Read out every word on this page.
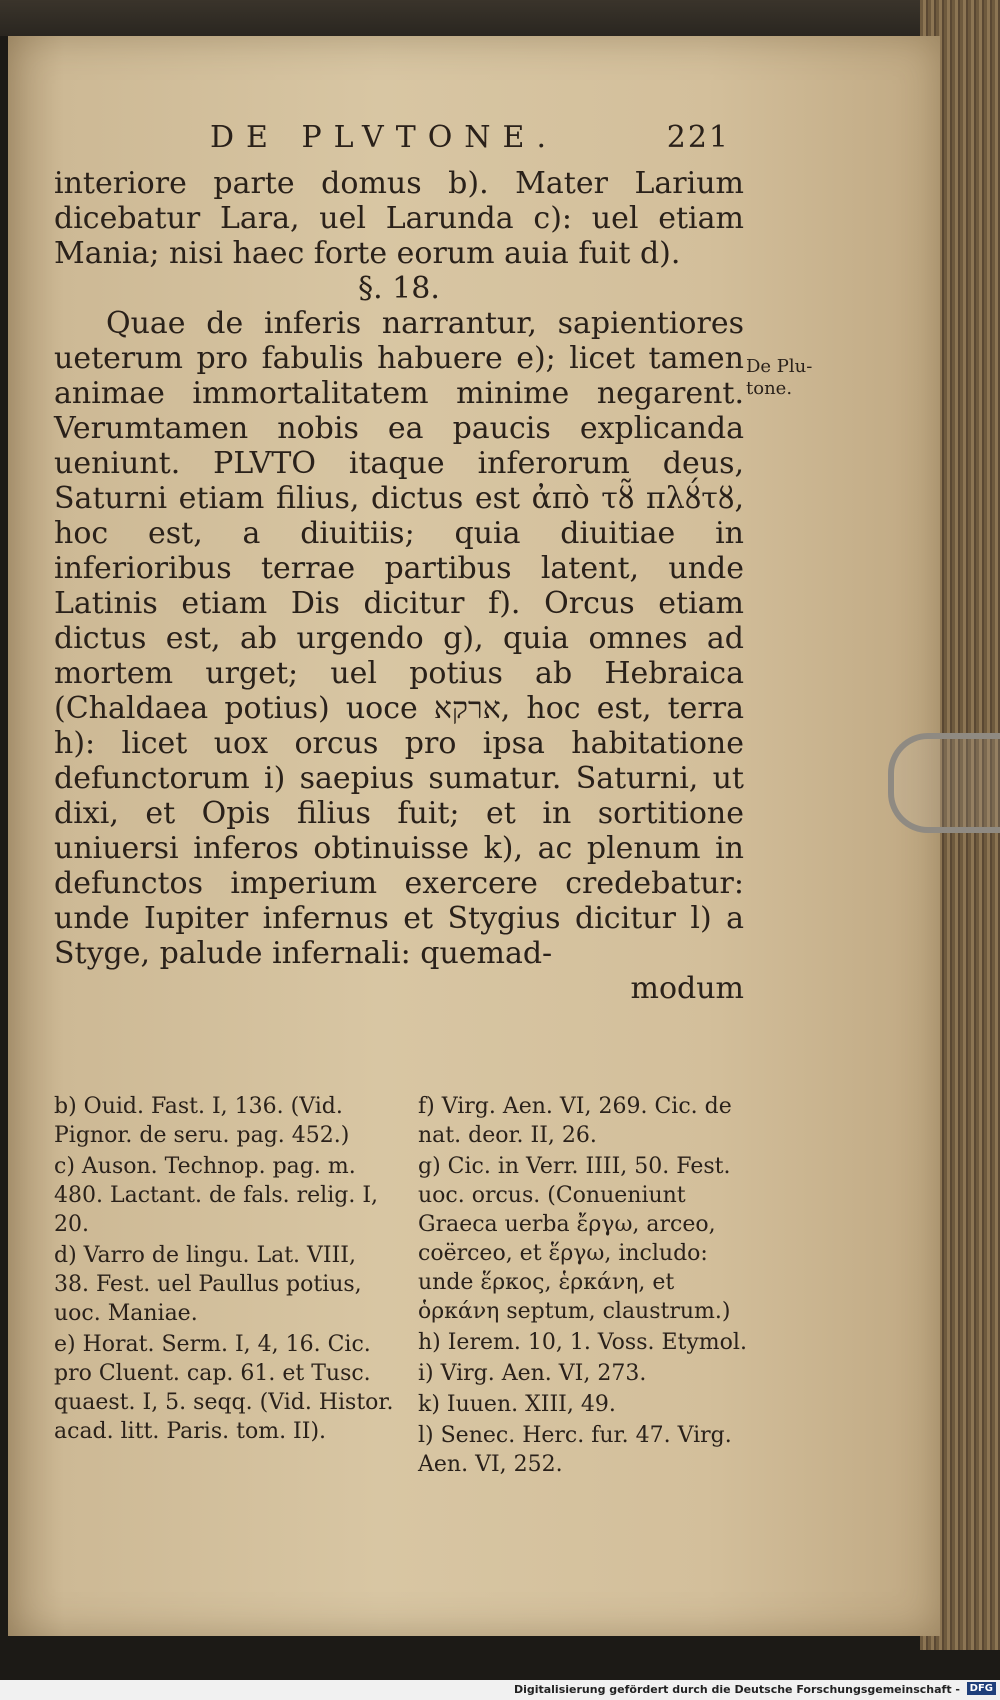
DE PLVTONE.	221

interiore parte domus b). Mater Larium dicebatur Lara, uel Larunda c): uel etiam Mania; nisi haec forte eorum auia fuit d).

§. 18.

Quae de inferis narrantur, sapientiores ueterum pro fabulis habuere e); licet tamen animae immortalitatem minime negarent. Verumtamen nobis ea paucis explicanda ueniunt. PLVTO itaque inferorum deus, Saturni etiam filius, dictus est ἀπὸ τȣ̃ πλȣ́τȣ, hoc est, a diuitiis; quia diuitiae in inferioribus terrae partibus latent, unde Latinis etiam Dis dicitur f). Orcus etiam dictus est, ab urgendo g), quia omnes ad mortem urget; uel potius ab Hebraica (Chaldaea potius) uoce ארקא, hoc est, terra h): licet uox orcus pro ipsa habitatione defunctorum i) saepius sumatur. Saturni, ut dixi, et Opis filius fuit; et in sortitione uniuersi inferos obtinuisse k), ac plenum in defunctos imperium exercere credebatur: unde Iupiter infernus et Stygius dicitur l) a Styge, palude infernali: quemad-

modum

De Plu- tone.

b) Ouid. Fast. I, 136. (Vid. Pignor. de seru. pag. 452.)

c) Auson. Technop. pag. m. 480. Lactant. de fals. relig. I, 20.

d) Varro de lingu. Lat. VIII, 38. Fest. uel Paullus potius, uoc. Maniae.

e) Horat. Serm. I, 4, 16. Cic. pro Cluent. cap. 61. et Tusc. quaest. I, 5. seqq. (Vid. Histor. acad. litt. Paris. tom. II).

f) Virg. Aen. VI, 269. Cic. de nat. deor. II, 26.

g) Cic. in Verr. IIII, 50. Fest. uoc. orcus. (Conueniunt Graeca uerba ἔργω, arceo, coërceo, et ἕργω, includo: unde ἕρκος, ἑρκάνη, et ὁρκάνη septum, claustrum.)

h) Ierem. 10, 1. Voss. Etymol.

i) Virg. Aen. VI, 273.

k) Iuuen. XIII, 49.

l) Senec. Herc. fur. 47. Virg. Aen. VI, 252.

Digitalisierung gefördert durch die Deutsche Forschungsgemeinschaft - DFG
